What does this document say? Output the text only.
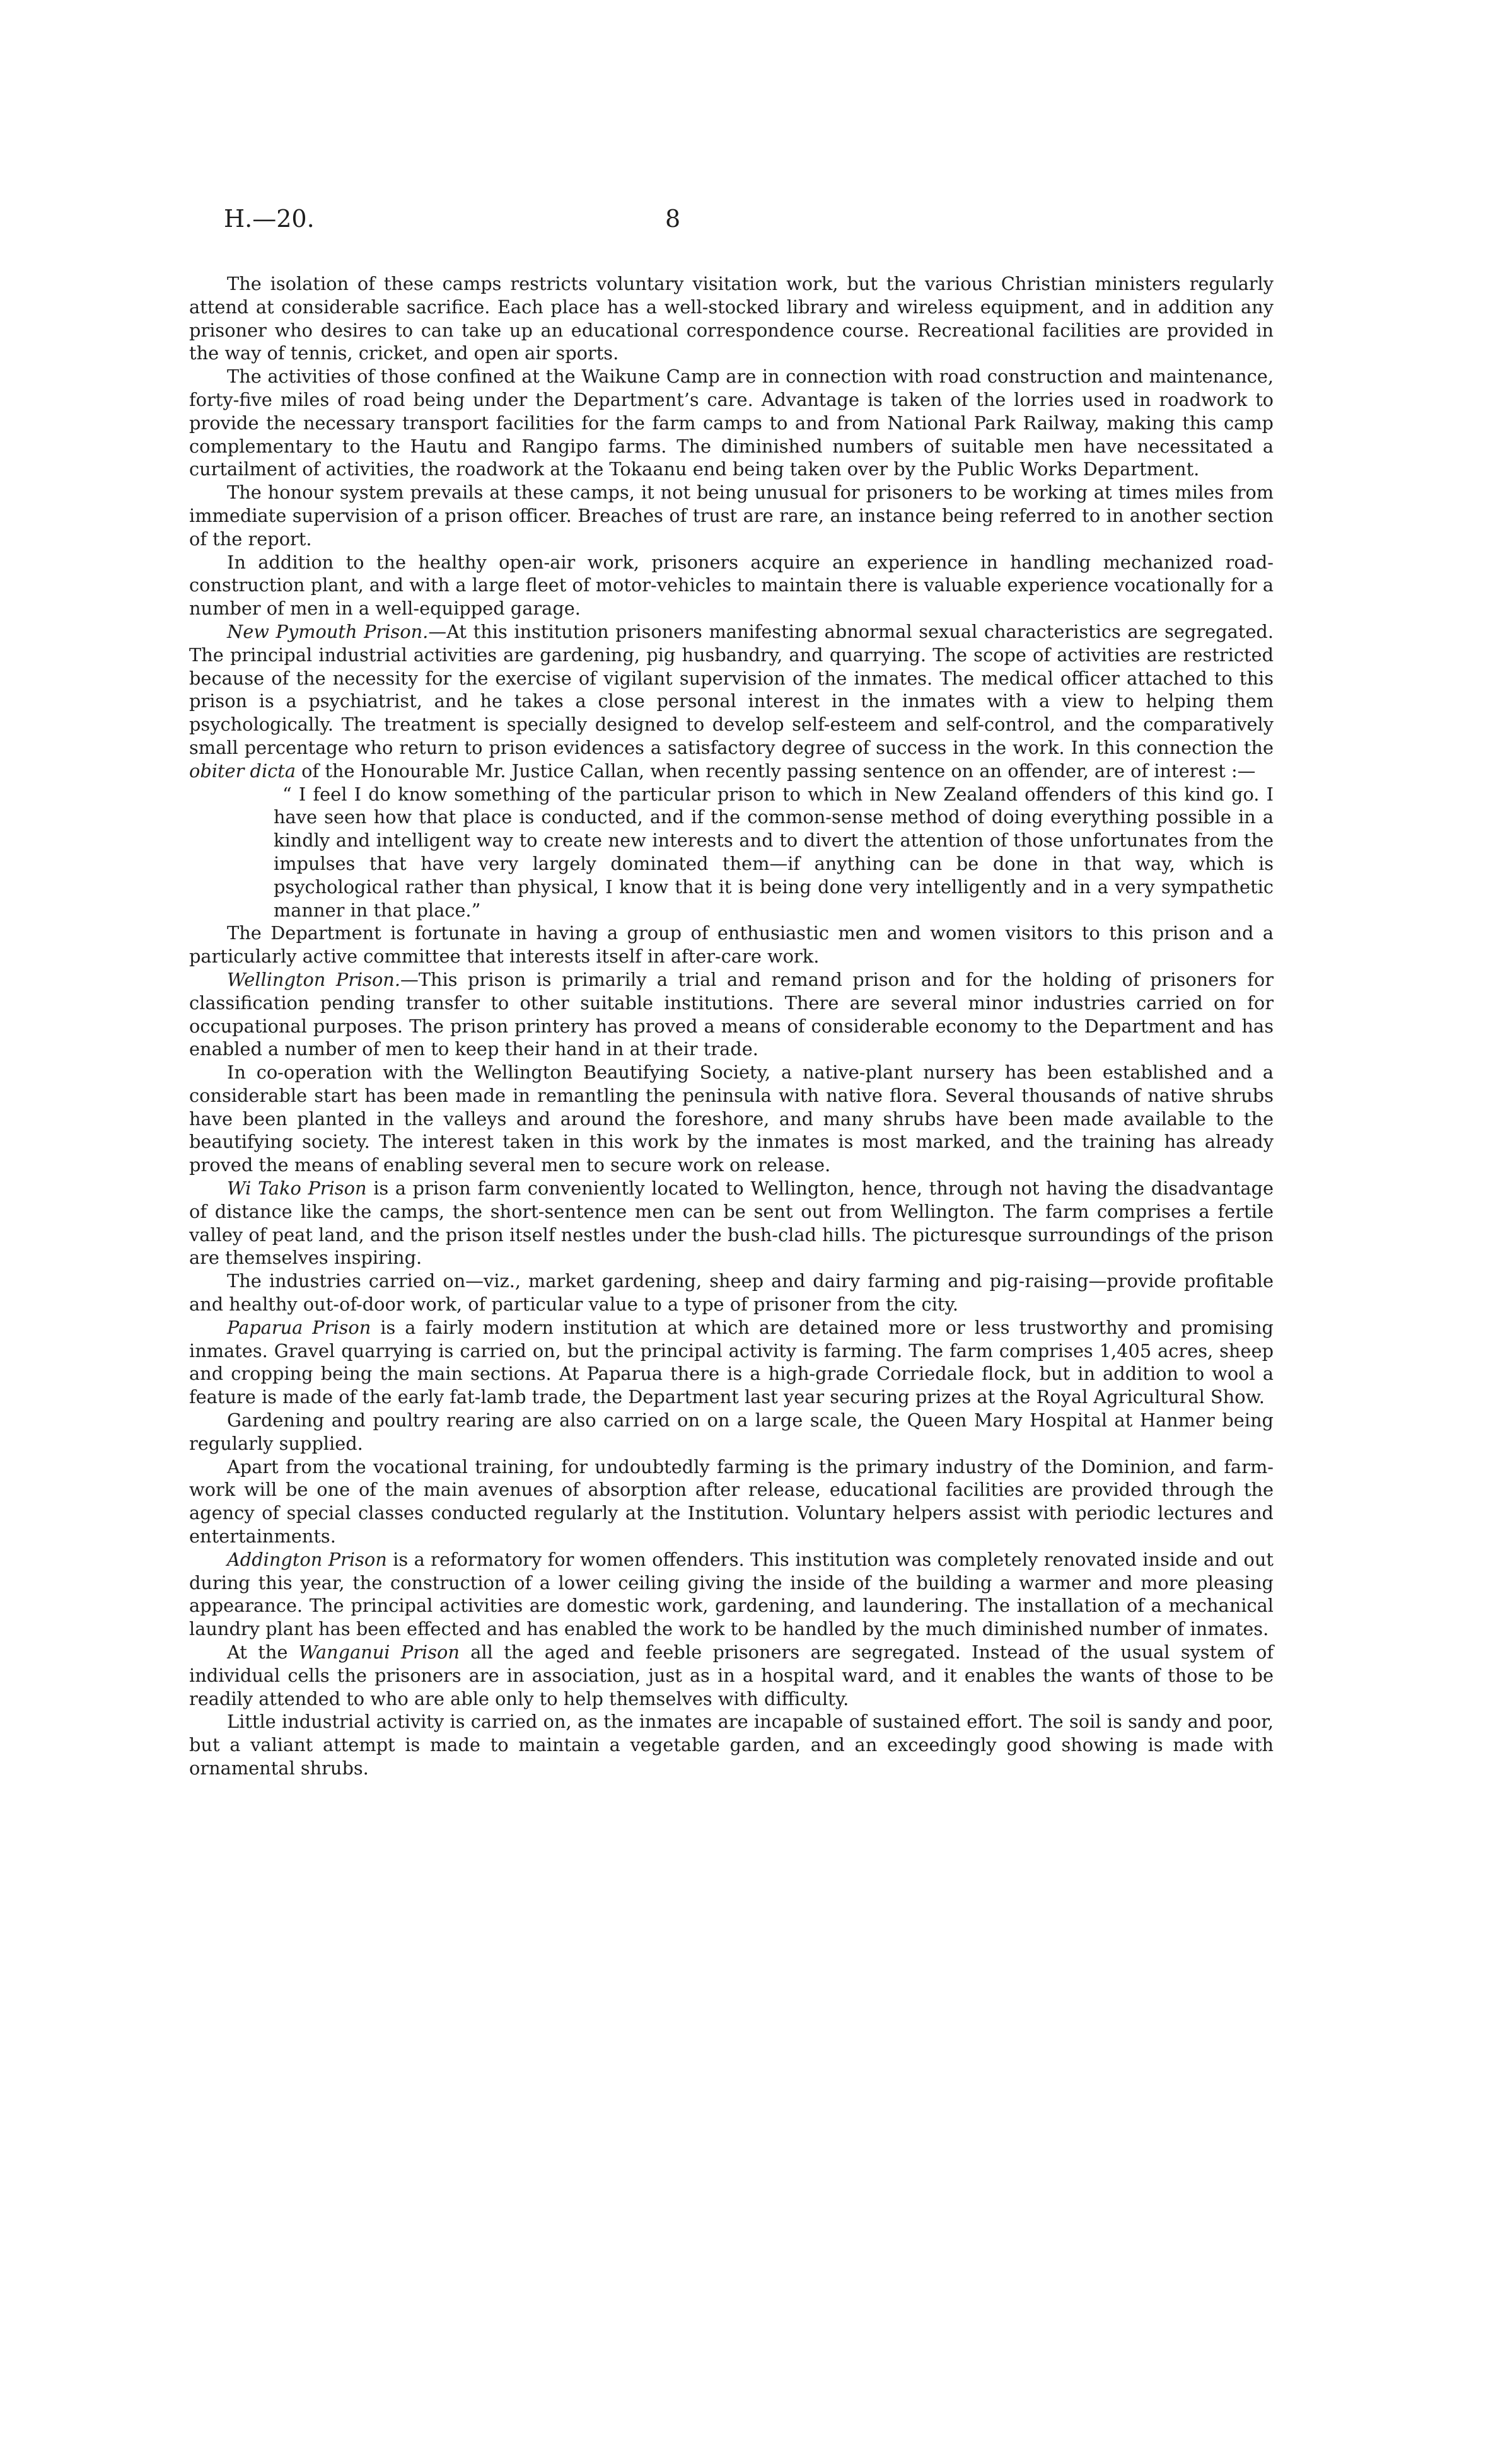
H.—20.	8

The isolation of these camps restricts voluntary visitation work, but the various Christian ministers regularly attend at considerable sacrifice. Each place has a well-stocked library and wireless equipment, and in addition any prisoner who desires to can take up an educational correspondence course. Recreational facilities are provided in the way of tennis, cricket, and open air sports.

The activities of those confined at the Waikune Camp are in connection with road construction and maintenance, forty-five miles of road being under the Department’s care. Advantage is taken of the lorries used in roadwork to provide the necessary transport facilities for the farm camps to and from National Park Railway, making this camp complementary to the Hautu and Rangipo farms. The diminished numbers of suitable men have necessitated a curtailment of activities, the roadwork at the Tokaanu end being taken over by the Public Works Department.

The honour system prevails at these camps, it not being unusual for prisoners to be working at times miles from immediate supervision of a prison officer. Breaches of trust are rare, an instance being referred to in another section of the report.

In addition to the healthy open-air work, prisoners acquire an experience in handling mechanized road-construction plant, and with a large fleet of motor-vehicles to maintain there is valuable experience vocationally for a number of men in a well-equipped garage.

New Pymouth Prison.—At this institution prisoners manifesting abnormal sexual characteristics are segregated. The principal industrial activities are gardening, pig husbandry, and quarrying. The scope of activities are restricted because of the necessity for the exercise of vigilant supervision of the inmates. The medical officer attached to this prison is a psychiatrist, and he takes a close personal interest in the inmates with a view to helping them psychologically. The treatment is specially designed to develop self-esteem and self-control, and the comparatively small percentage who return to prison evidences a satisfactory degree of success in the work. In this connection the obiter dicta of the Honourable Mr. Justice Callan, when recently passing sentence on an offender, are of interest :—

“ I feel I do know something of the particular prison to which in New Zealand offenders of this kind go. I have seen how that place is conducted, and if the common-sense method of doing everything possible in a kindly and intelligent way to create new interests and to divert the attention of those unfortunates from the impulses that have very largely dominated them—if anything can be done in that way, which is psychological rather than physical, I know that it is being done very intelligently and in a very sympathetic manner in that place.”

The Department is fortunate in having a group of enthusiastic men and women visitors to this prison and a particularly active committee that interests itself in after-care work.

Wellington Prison.—This prison is primarily a trial and remand prison and for the holding of prisoners for classification pending transfer to other suitable institutions. There are several minor industries carried on for occupational purposes. The prison printery has proved a means of considerable economy to the Department and has enabled a number of men to keep their hand in at their trade.

In co-operation with the Wellington Beautifying Society, a native-plant nursery has been established and a considerable start has been made in remantling the peninsula with native flora. Several thousands of native shrubs have been planted in the valleys and around the foreshore, and many shrubs have been made available to the beautifying society. The interest taken in this work by the inmates is most marked, and the training has already proved the means of enabling several men to secure work on release.

Wi Tako Prison is a prison farm conveniently located to Wellington, hence, through not having the disadvantage of distance like the camps, the short-sentence men can be sent out from Wellington. The farm comprises a fertile valley of peat land, and the prison itself nestles under the bush-clad hills. The picturesque surroundings of the prison are themselves inspiring.

The industries carried on—viz., market gardening, sheep and dairy farming and pig-raising—provide profitable and healthy out-of-door work, of particular value to a type of prisoner from the city.

Paparua Prison is a fairly modern institution at which are detained more or less trustworthy and promising inmates. Gravel quarrying is carried on, but the principal activity is farming. The farm comprises 1,405 acres, sheep and cropping being the main sections. At Paparua there is a high-grade Corriedale flock, but in addition to wool a feature is made of the early fat-lamb trade, the Department last year securing prizes at the Royal Agricultural Show.

Gardening and poultry rearing are also carried on on a large scale, the Queen Mary Hospital at Hanmer being regularly supplied.

Apart from the vocational training, for undoubtedly farming is the primary industry of the Dominion, and farm-work will be one of the main avenues of absorption after release, educational facilities are provided through the agency of special classes conducted regularly at the Institution. Voluntary helpers assist with periodic lectures and entertainments.

Addington Prison is a reformatory for women offenders. This institution was completely renovated inside and out during this year, the construction of a lower ceiling giving the inside of the building a warmer and more pleasing appearance. The principal activities are domestic work, gardening, and laundering. The installation of a mechanical laundry plant has been effected and has enabled the work to be handled by the much diminished number of inmates.

At the Wanganui Prison all the aged and feeble prisoners are segregated. Instead of the usual system of individual cells the prisoners are in association, just as in a hospital ward, and it enables the wants of those to be readily attended to who are able only to help themselves with difficulty.

Little industrial activity is carried on, as the inmates are incapable of sustained effort. The soil is sandy and poor, but a valiant attempt is made to maintain a vegetable garden, and an exceedingly good showing is made with ornamental shrubs.
